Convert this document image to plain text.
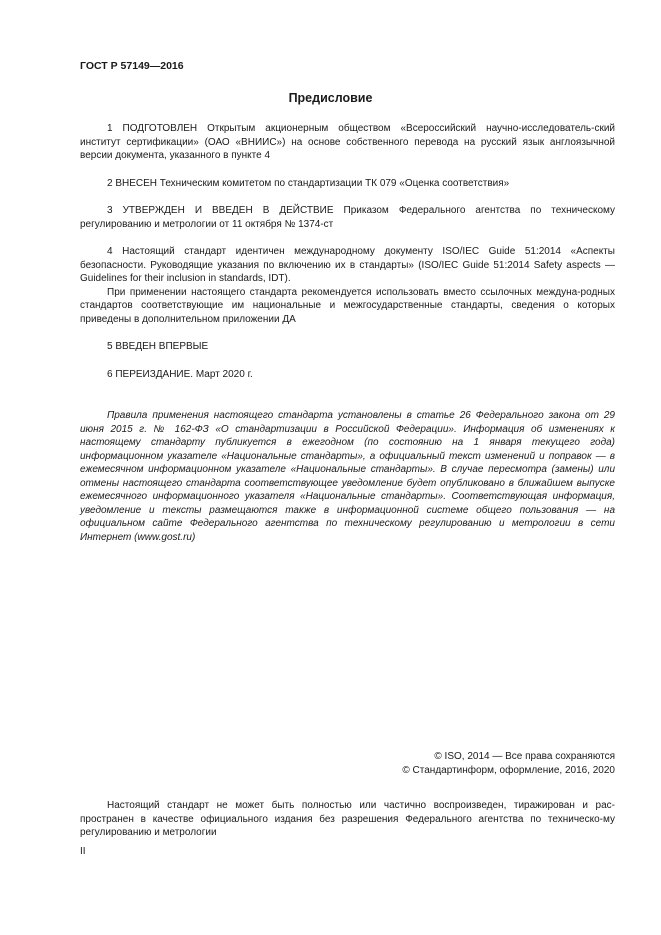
ГОСТ Р 57149—2016
Предисловие

1 ПОДГОТОВЛЕН Открытым акционерным обществом «Всероссийский научно-исследователь-ский институт сертификации» (ОАО «ВНИИС») на основе собственного перевода на русский язык англоязычной версии документа, указанного в пункте 4

2 ВНЕСЕН Техническим комитетом по стандартизации ТК 079 «Оценка соответствия»

3 УТВЕРЖДЕН И ВВЕДЕН В ДЕЙСТВИЕ Приказом Федерального агентства по техническому регулированию и метрологии от 11 октября № 1374-ст

4 Настоящий стандарт идентичен международному документу ISO/IEC Guide 51:2014 «Аспекты безопасности. Руководящие указания по включению их в стандарты» (ISO/IEC Guide 51:2014 Safety aspects — Guidelines for their inclusion in standards, IDT).

При применении настоящего стандарта рекомендуется использовать вместо ссылочных междуна-родных стандартов соответствующие им национальные и межгосударственные стандарты, сведения о которых приведены в дополнительном приложении ДА

5 ВВЕДЕН ВПЕРВЫЕ

6 ПЕРЕИЗДАНИЕ. Март 2020 г.

Правила применения настоящего стандарта установлены в статье 26 Федерального закона от 29 июня 2015 г. № 162-ФЗ «О стандартизации в Российской Федерации». Информация об изменениях к настоящему стандарту публикуется в ежегодном (по состоянию на 1 января текущего года) информационном указателе «Национальные стандарты», а официальный текст изменений и поправок — в ежемесячном информационном указателе «Национальные стандарты». В случае пересмотра (замены) или отмены настоящего стандарта соответствующее уведомление будет опубликовано в ближайшем выпуске ежемесячного информационного указателя «Национальные стандарты». Соответствующая информация, уведомление и тексты размещаются также в информационной системе общего пользования — на официальном сайте Федерального агентства по техническому регулированию и метрологии в сети Интернет (www.gost.ru)

© ISO, 2014 — Все права сохраняются
© Стандартинформ, оформление, 2016, 2020

Настоящий стандарт не может быть полностью или частично воспроизведен, тиражирован и рас-пространен в качестве официального издания без разрешения Федерального агентства по техническо-му регулированию и метрологии

II
